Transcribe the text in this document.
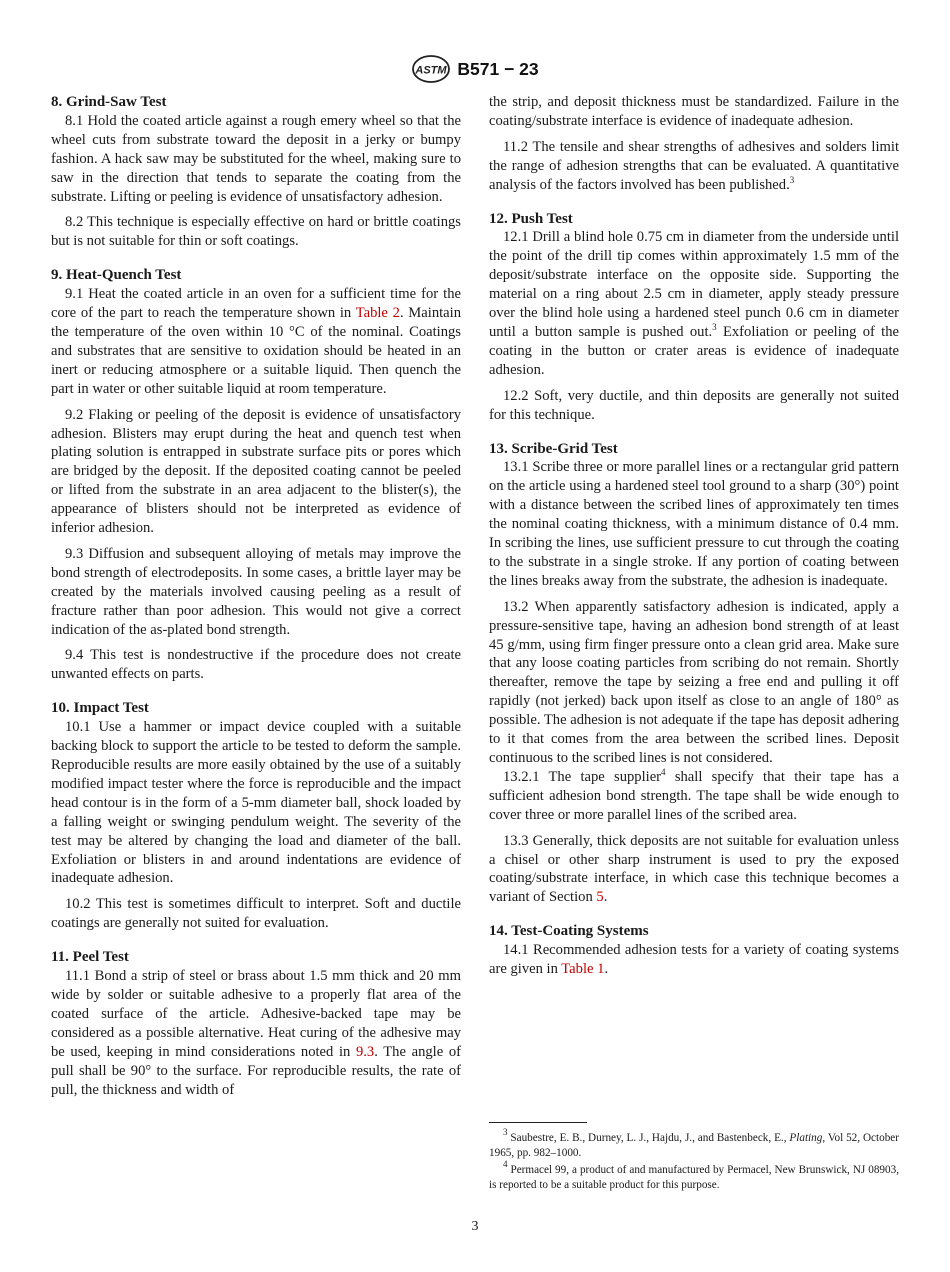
ASTM B571 − 23

8. Grind-Saw Test

8.1 Hold the coated article against a rough emery wheel so that the wheel cuts from substrate toward the deposit in a jerky or bumpy fashion. A hack saw may be substituted for the wheel, making sure to saw in the direction that tends to separate the coating from the substrate. Lifting or peeling is evidence of unsatisfactory adhesion.

8.2 This technique is especially effective on hard or brittle coatings but is not suitable for thin or soft coatings.

9. Heat-Quench Test

9.1 Heat the coated article in an oven for a sufficient time for the core of the part to reach the temperature shown in Table 2. Maintain the temperature of the oven within 10 °C of the nominal. Coatings and substrates that are sensitive to oxidation should be heated in an inert or reducing atmosphere or a suitable liquid. Then quench the part in water or other suitable liquid at room temperature.

9.2 Flaking or peeling of the deposit is evidence of unsatisfactory adhesion. Blisters may erupt during the heat and quench test when plating solution is entrapped in substrate surface pits or pores which are bridged by the deposit. If the deposited coating cannot be peeled or lifted from the substrate in an area adjacent to the blister(s), the appearance of blisters should not be interpreted as evidence of inferior adhesion.

9.3 Diffusion and subsequent alloying of metals may improve the bond strength of electrodeposits. In some cases, a brittle layer may be created by the materials involved causing peeling as a result of fracture rather than poor adhesion. This would not give a correct indication of the as-plated bond strength.

9.4 This test is nondestructive if the procedure does not create unwanted effects on parts.

10. Impact Test

10.1 Use a hammer or impact device coupled with a suitable backing block to support the article to be tested to deform the sample. Reproducible results are more easily obtained by the use of a suitably modified impact tester where the force is reproducible and the impact head contour is in the form of a 5-mm diameter ball, shock loaded by a falling weight or swinging pendulum weight. The severity of the test may be altered by changing the load and diameter of the ball. Exfoliation or blisters in and around indentations are evidence of inadequate adhesion.

10.2 This test is sometimes difficult to interpret. Soft and ductile coatings are generally not suited for evaluation.

11. Peel Test

11.1 Bond a strip of steel or brass about 1.5 mm thick and 20 mm wide by solder or suitable adhesive to a properly flat area of the coated surface of the article. Adhesive-backed tape may be considered as a possible alternative. Heat curing of the adhesive may be used, keeping in mind considerations noted in 9.3. The angle of pull shall be 90° to the surface. For reproducible results, the rate of pull, the thickness and width of

the strip, and deposit thickness must be standardized. Failure in the coating/substrate interface is evidence of inadequate adhesion.

11.2 The tensile and shear strengths of adhesives and solders limit the range of adhesion strengths that can be evaluated. A quantitative analysis of the factors involved has been published.$^3$

12. Push Test

12.1 Drill a blind hole 0.75 cm in diameter from the underside until the point of the drill tip comes within approximately 1.5 mm of the deposit/substrate interface on the opposite side. Supporting the material on a ring about 2.5 cm in diameter, apply steady pressure over the blind hole using a hardened steel punch 0.6 cm in diameter until a button sample is pushed out.$^3$ Exfoliation or peeling of the coating in the button or crater areas is evidence of inadequate adhesion.

12.2 Soft, very ductile, and thin deposits are generally not suited for this technique.

13. Scribe-Grid Test

13.1 Scribe three or more parallel lines or a rectangular grid pattern on the article using a hardened steel tool ground to a sharp (30°) point with a distance between the scribed lines of approximately ten times the nominal coating thickness, with a minimum distance of 0.4 mm. In scribing the lines, use sufficient pressure to cut through the coating to the substrate in a single stroke. If any portion of coating between the lines breaks away from the substrate, the adhesion is inadequate.

13.2 When apparently satisfactory adhesion is indicated, apply a pressure-sensitive tape, having an adhesion bond strength of at least 45 g/mm, using firm finger pressure onto a clean grid area. Make sure that any loose coating particles from scribing do not remain. Shortly thereafter, remove the tape by seizing a free end and pulling it off rapidly (not jerked) back upon itself as close to an angle of 180° as possible. The adhesion is not adequate if the tape has deposit adhering to it that comes from the area between the scribed lines. Deposit continuous to the scribed lines is not considered.

13.2.1 The tape supplier$^4$ shall specify that their tape has a sufficient adhesion bond strength. The tape shall be wide enough to cover three or more parallel lines of the scribed area.

13.3 Generally, thick deposits are not suitable for evaluation unless a chisel or other sharp instrument is used to pry the exposed coating/substrate interface, in which case this technique becomes a variant of Section 5.

14. Test-Coating Systems

14.1 Recommended adhesion tests for a variety of coating systems are given in Table 1.

$^3$ Saubestre, E. B., Durney, L. J., Hajdu, J., and Bastenbeck, E., Plating, Vol 52, October 1965, pp. 982–1000.

$^4$ Permacel 99, a product of and manufactured by Permacel, New Brunswick, NJ 08903, is reported to be a suitable product for this purpose.

3
